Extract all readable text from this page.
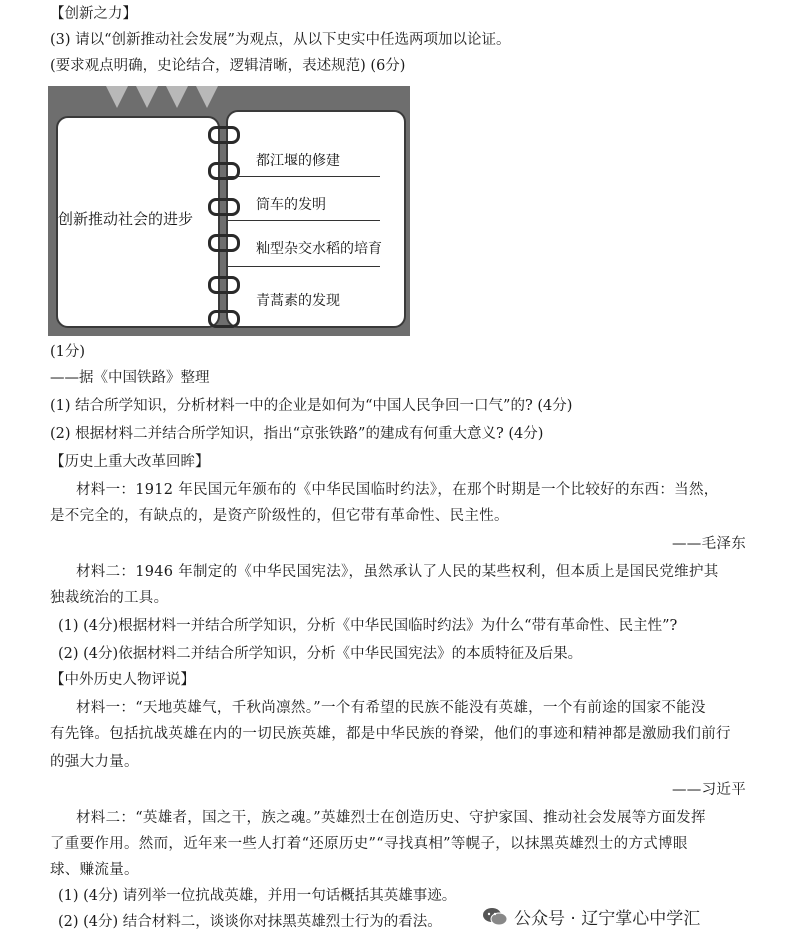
【创新之力】
(3) 请以“创新推动社会发展”为观点，从以下史实中任选两项加以论证。
(要求观点明确，史论结合，逻辑清晰，表述规范) (6分)
创新推动社会的进步
都江堰的修建
筒车的发明
籼型杂交水稻的培育
青蒿素的发现
(1分)
——据《中国铁路》整理
(1) 结合所学知识，分析材料一中的企业是如何为“中国人民争回一口气”的? (4分)
(2) 根据材料二并结合所学知识，指出“京张铁路”的建成有何重大意义? (4分)
【历史上重大改革回眸】
材料一：1912 年民国元年颁布的《中华民国临时约法》，在那个时期是一个比较好的东西：当然，
是不完全的，有缺点的，是资产阶级性的，但它带有革命性、民主性。
——毛泽东
材料二：1946 年制定的《中华民国宪法》，虽然承认了人民的某些权利，但本质上是国民党维护其
独裁统治的工具。
(1) (4分)根据材料一并结合所学知识，分析《中华民国临时约法》为什么“带有革命性、民主性”?
(2) (4分)依据材料二并结合所学知识，分析《中华民国宪法》的本质特征及后果。
【中外历史人物评说】
材料一：“天地英雄气，千秋尚凛然。”一个有希望的民族不能没有英雄，一个有前途的国家不能没
有先锋。包括抗战英雄在内的一切民族英雄，都是中华民族的脊梁，他们的事迹和精神都是激励我们前行
的强大力量。
——习近平
材料二：“英雄者，国之干，族之魂。”英雄烈士在创造历史、守护家国、推动社会发展等方面发挥
了重要作用。然而，近年来一些人打着“还原历史”“寻找真相”等幌子，以抹黑英雄烈士的方式博眼
球、赚流量。
(1) (4分) 请列举一位抗战英雄，并用一句话概括其英雄事迹。
(2) (4分) 结合材料二，谈谈你对抹黑英雄烈士行为的看法。	公众号 · 辽宁掌心中学汇
